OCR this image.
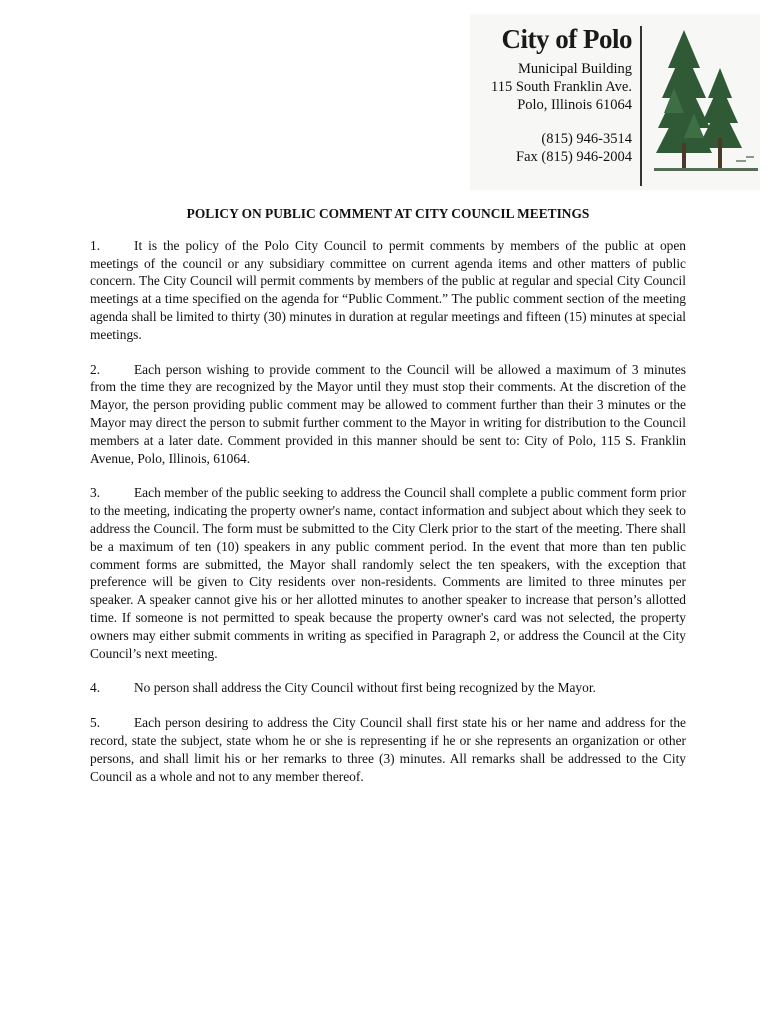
City of Polo
Municipal Building
115 South Franklin Ave.
Polo, Illinois 61064
(815) 946-3514
Fax (815) 946-2004

POLICY ON PUBLIC COMMENT AT CITY COUNCIL MEETINGS

1.	It is the policy of the Polo City Council to permit comments by members of the public at open meetings of the council or any subsidiary committee on current agenda items and other matters of public concern. The City Council will permit comments by members of the public at regular and special City Council meetings at a time specified on the agenda for “Public Comment.” The public comment section of the meeting agenda shall be limited to thirty (30) minutes in duration at regular meetings and fifteen (15) minutes at special meetings.

2.	Each person wishing to provide comment to the Council will be allowed a maximum of 3 minutes from the time they are recognized by the Mayor until they must stop their comments. At the discretion of the Mayor, the person providing public comment may be allowed to comment further than their 3 minutes or the Mayor may direct the person to submit further comment to the Mayor in writing for distribution to the Council members at a later date. Comment provided in this manner should be sent to: City of Polo, 115 S. Franklin Avenue, Polo, Illinois, 61064.

3.	Each member of the public seeking to address the Council shall complete a public comment form prior to the meeting, indicating the property owner's name, contact information and subject about which they seek to address the Council. The form must be submitted to the City Clerk prior to the start of the meeting. There shall be a maximum of ten (10) speakers in any public comment period. In the event that more than ten public comment forms are submitted, the Mayor shall randomly select the ten speakers, with the exception that preference will be given to City residents over non-residents. Comments are limited to three minutes per speaker. A speaker cannot give his or her allotted minutes to another speaker to increase that person’s allotted time. If someone is not permitted to speak because the property owner's card was not selected, the property owners may either submit comments in writing as specified in Paragraph 2, or address the Council at the City Council’s next meeting.

4.	No person shall address the City Council without first being recognized by the Mayor.

5.	Each person desiring to address the City Council shall first state his or her name and address for the record, state the subject, state whom he or she is representing if he or she represents an organization or other persons, and shall limit his or her remarks to three (3) minutes. All remarks shall be addressed to the City Council as a whole and not to any member thereof.
